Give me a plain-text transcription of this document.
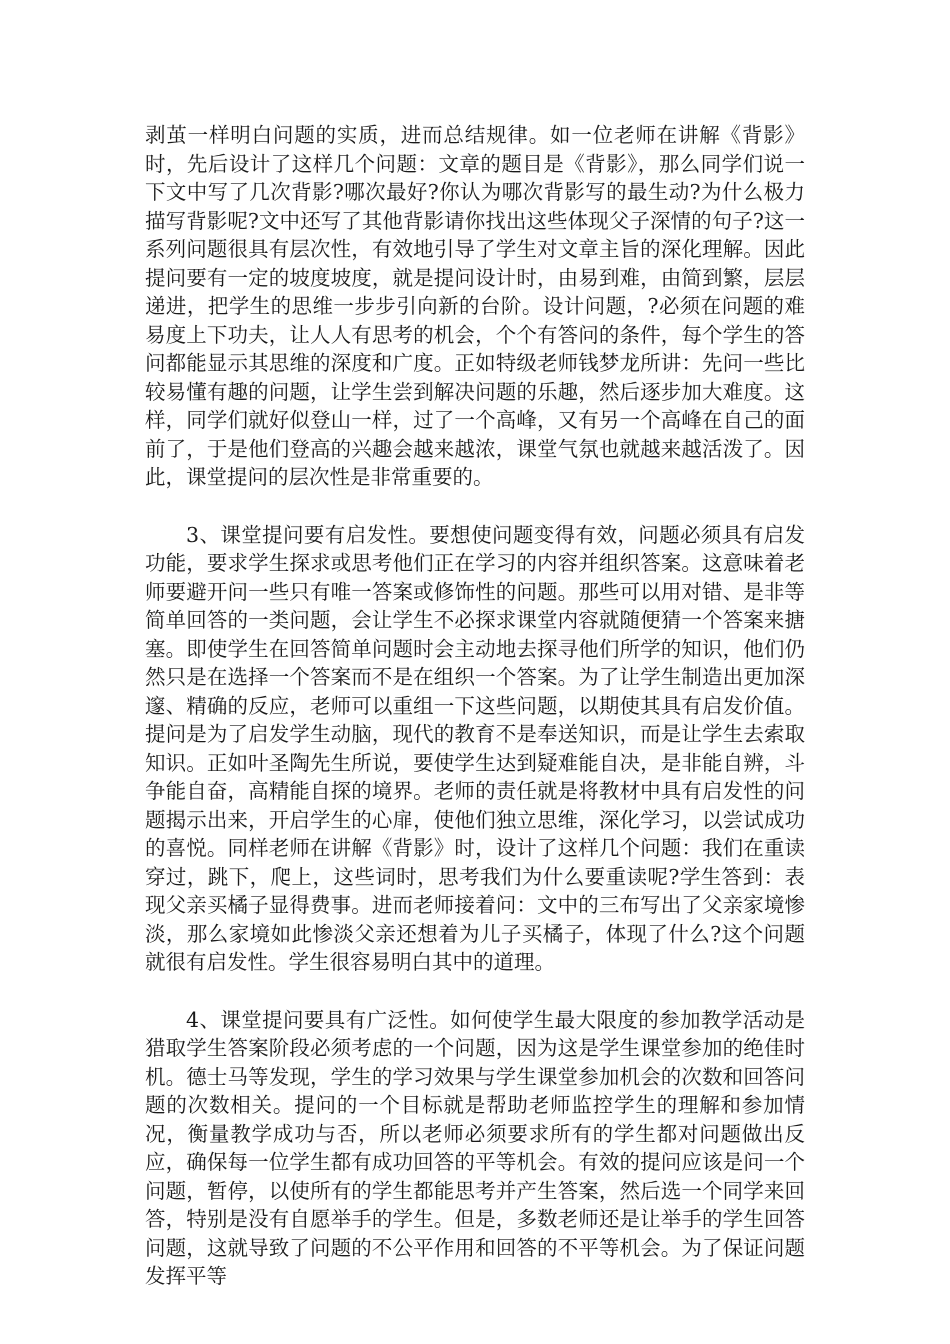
剥茧一样明白问题的实质，进而总结规律。如一位老师在讲解《背影》时，先后设计了这样几个问题：文章的题目是《背影》，那么同学们说一下文中写了几次背影?哪次最好?你认为哪次背影写的最生动?为什么极力描写背影呢?文中还写了其他背影请你找出这些体现父子深情的句子?这一系列问题很具有层次性，有效地引导了学生对文章主旨的深化理解。因此提问要有一定的坡度坡度，就是提问设计时，由易到难，由简到繁，层层递进，把学生的思维一步步引向新的台阶。设计问题，?必须在问题的难易度上下功夫，让人人有思考的机会，个个有答问的条件，每个学生的答问都能显示其思维的深度和广度。正如特级老师钱梦龙所讲：先问一些比较易懂有趣的问题，让学生尝到解决问题的乐趣，然后逐步加大难度。这样，同学们就好似登山一样，过了一个高峰，又有另一个高峰在自己的面前了，于是他们登高的兴趣会越来越浓，课堂气氛也就越来越活泼了。因此，课堂提问的层次性是非常重要的。

3、课堂提问要有启发性。要想使问题变得有效，问题必须具有启发功能，要求学生探求或思考他们正在学习的内容并组织答案。这意味着老师要避开问一些只有唯一答案或修饰性的问题。那些可以用对错、是非等简单回答的一类问题，会让学生不必探求课堂内容就随便猜一个答案来搪塞。即使学生在回答简单问题时会主动地去探寻他们所学的知识，他们仍然只是在选择一个答案而不是在组织一个答案。为了让学生制造出更加深邃、精确的反应，老师可以重组一下这些问题，以期使其具有启发价值。提问是为了启发学生动脑，现代的教育不是奉送知识，而是让学生去索取知识。正如叶圣陶先生所说，要使学生达到疑难能自决，是非能自辨，斗争能自奋，高精能自探的境界。老师的责任就是将教材中具有启发性的问题揭示出来，开启学生的心扉，使他们独立思维，深化学习，以尝试成功的喜悦。同样老师在讲解《背影》时，设计了这样几个问题：我们在重读穿过，跳下，爬上，这些词时，思考我们为什么要重读呢?学生答到：表现父亲买橘子显得费事。进而老师接着问：文中的三布写出了父亲家境惨淡，那么家境如此惨淡父亲还想着为儿子买橘子，体现了什么?这个问题就很有启发性。学生很容易明白其中的道理。

4、课堂提问要具有广泛性。如何使学生最大限度的参加教学活动是猎取学生答案阶段必须考虑的一个问题，因为这是学生课堂参加的绝佳时机。德士马等发现，学生的学习效果与学生课堂参加机会的次数和回答问题的次数相关。提问的一个目标就是帮助老师监控学生的理解和参加情况，衡量教学成功与否，所以老师必须要求所有的学生都对问题做出反应，确保每一位学生都有成功回答的平等机会。有效的提问应该是问一个问题，暂停，以使所有的学生都能思考并产生答案，然后选一个同学来回答，特别是没有自愿举手的学生。但是，多数老师还是让举手的学生回答问题，这就导致了问题的不公平作用和回答的不平等机会。为了保证问题发挥平等
